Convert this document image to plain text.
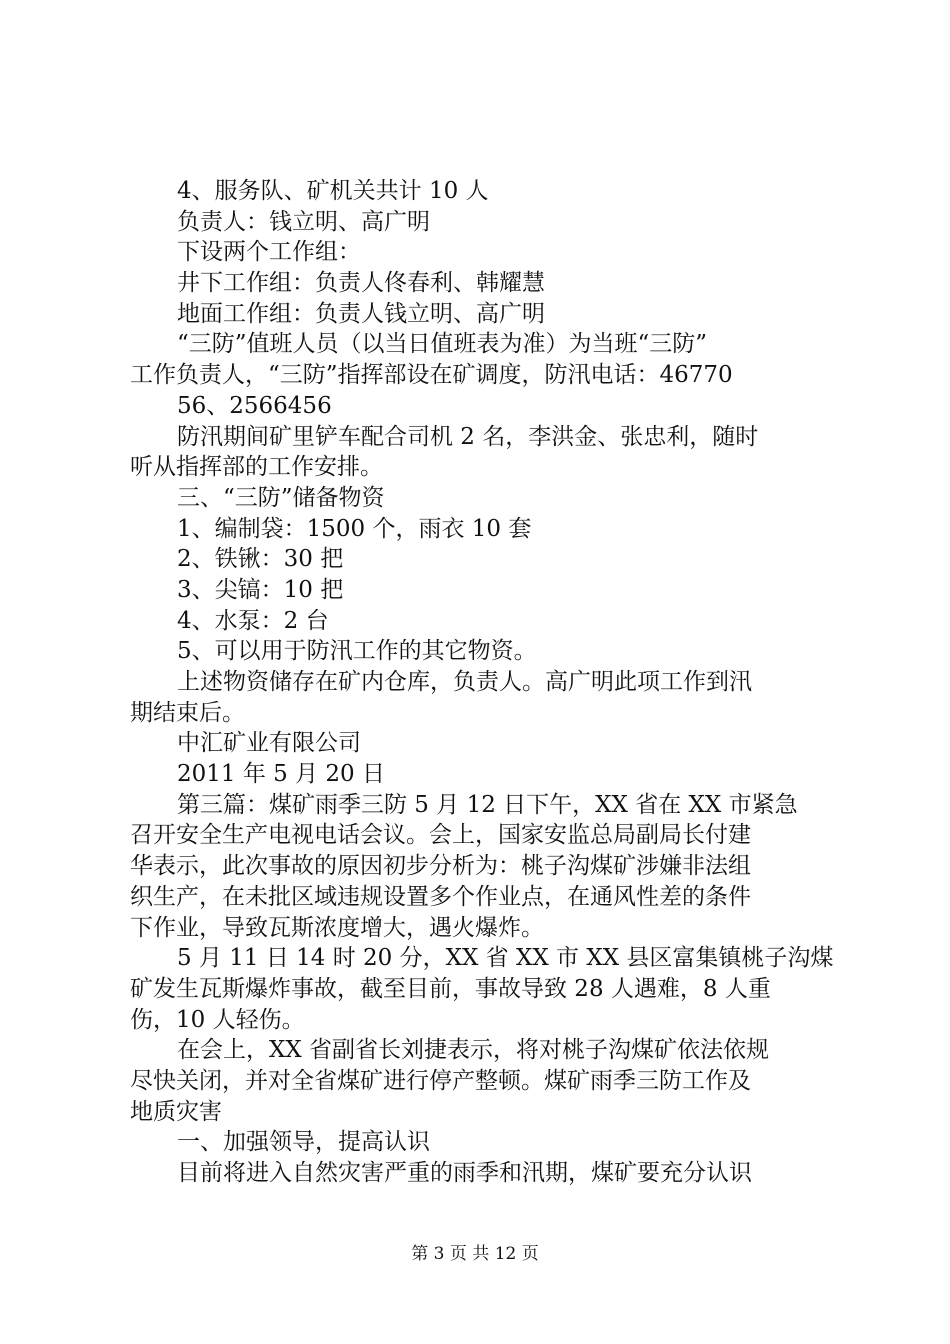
4、服务队、矿机关共计 10 人
负责人：钱立明、高广明
下设两个工作组：
井下工作组：负责人佟春利、韩耀慧
地面工作组：负责人钱立明、高广明
“三防”值班人员（以当日值班表为准）为当班“三防”
工作负责人，“三防”指挥部设在矿调度，防汛电话：46770
56、2566456
防汛期间矿里铲车配合司机 2 名，李洪金、张忠利，随时
听从指挥部的工作安排。
三、“三防”储备物资
1、编制袋：1500 个，雨衣 10 套
2、铁锹：30 把
3、尖镐：10 把
4、水泵：2 台
5、可以用于防汛工作的其它物资。
上述物资储存在矿内仓库，负责人。高广明此项工作到汛
期结束后。
中汇矿业有限公司
2011 年 5 月 20 日
第三篇：煤矿雨季三防 5 月 12 日下午，XX 省在 XX 市紧急
召开安全生产电视电话会议。会上，国家安监总局副局长付建
华表示，此次事故的原因初步分析为：桃子沟煤矿涉嫌非法组
织生产，在未批区域违规设置多个作业点，在通风性差的条件
下作业，导致瓦斯浓度增大，遇火爆炸。
5 月 11 日 14 时 20 分，XX 省 XX 市 XX 县区富集镇桃子沟煤
矿发生瓦斯爆炸事故，截至目前，事故导致 28 人遇难，8 人重
伤，10 人轻伤。
在会上，XX 省副省长刘捷表示，将对桃子沟煤矿依法依规
尽快关闭，并对全省煤矿进行停产整顿。煤矿雨季三防工作及
地质灾害
一、加强领导，提高认识
目前将进入自然灾害严重的雨季和汛期，煤矿要充分认识
第 3 页 共 12 页
